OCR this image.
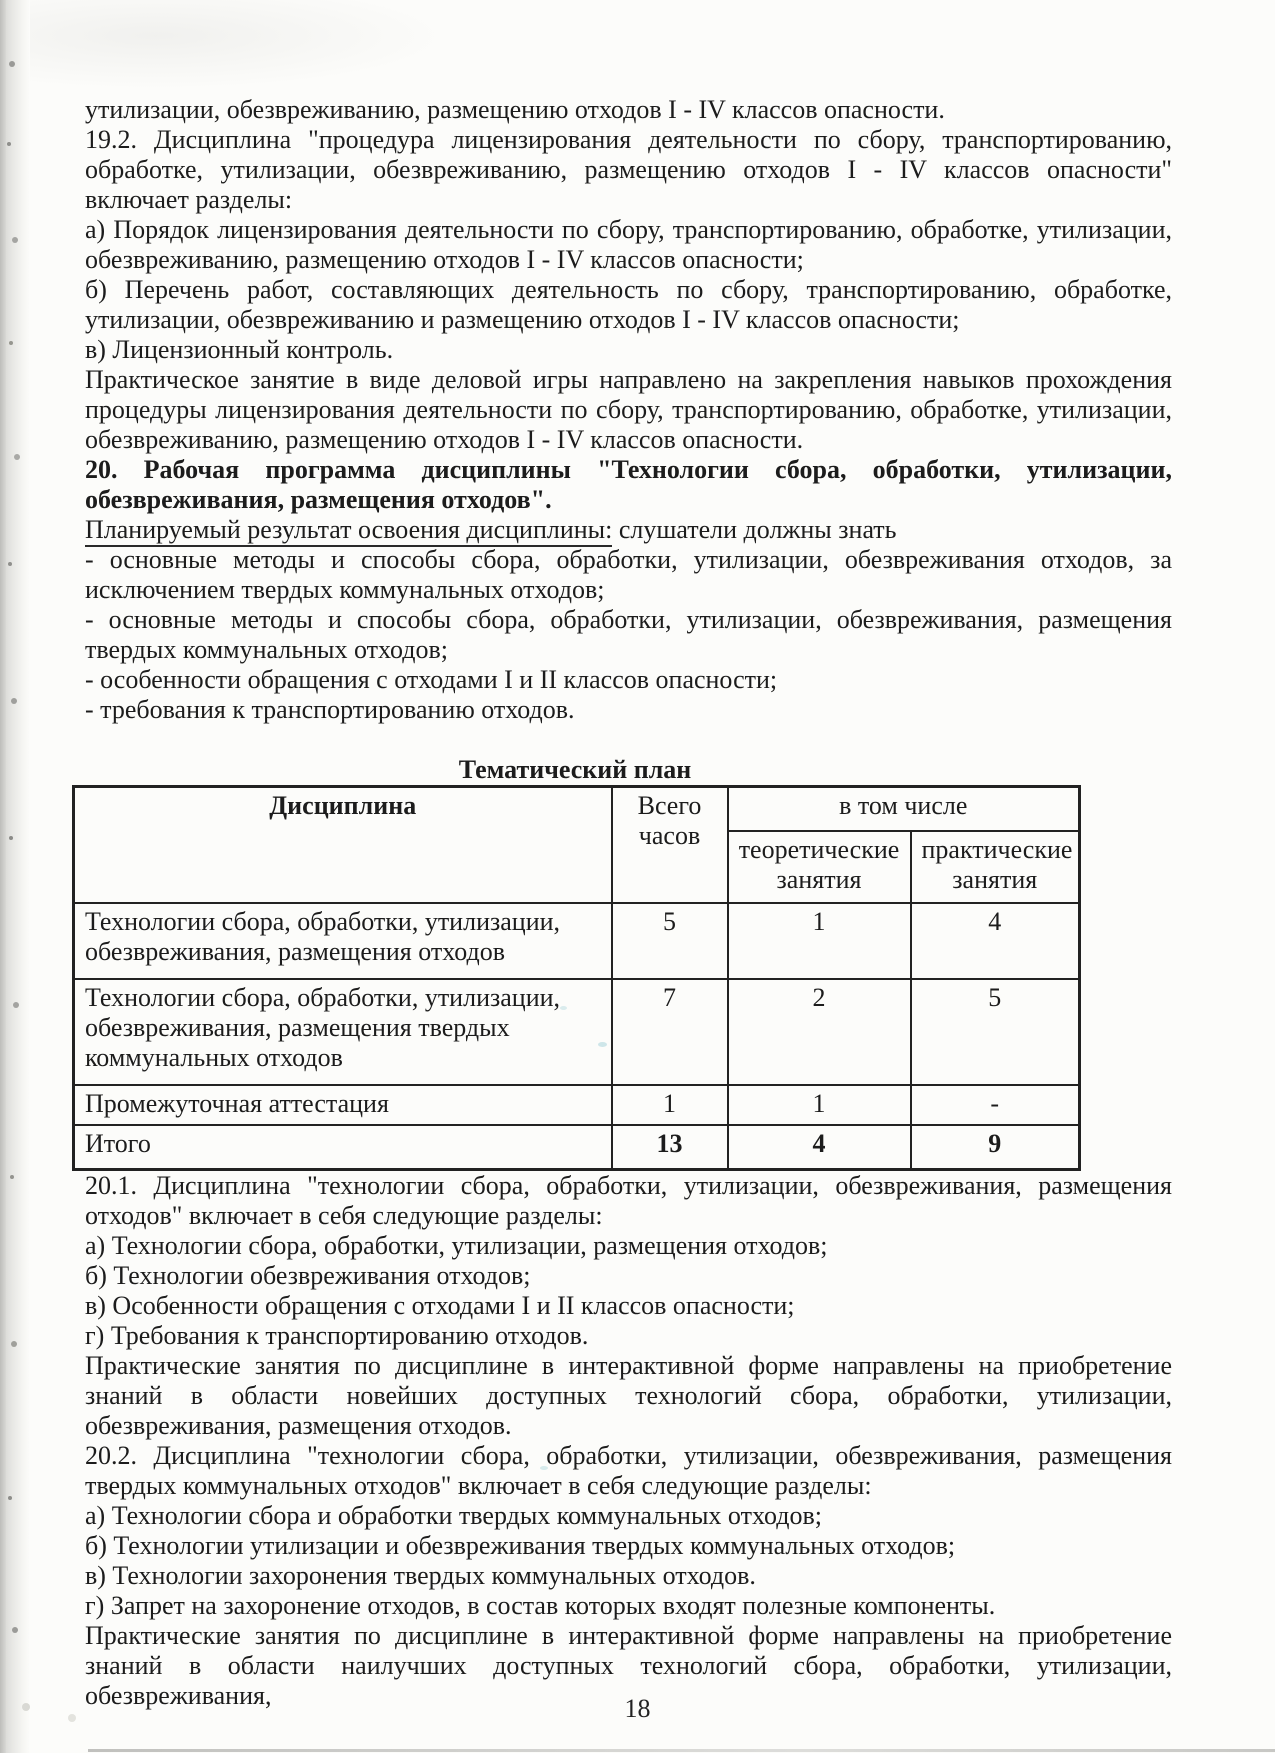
утилизации, обезвреживанию, размещению отходов I - IV классов опасности.

19.2. Дисциплина "процедура лицензирования деятельности по сбору, транспортированию, обработке, утилизации, обезвреживанию, размещению отходов I - IV классов опасности" включает разделы:

а) Порядок лицензирования деятельности по сбору, транспортированию, обработке, утилизации, обезвреживанию, размещению отходов I - IV классов опасности;

б) Перечень работ, составляющих деятельность по сбору, транспортированию, обработке, утилизации, обезвреживанию и размещению отходов I - IV классов опасности;

в) Лицензионный контроль.

Практическое занятие в виде деловой игры направлено на закрепления навыков прохождения процедуры лицензирования деятельности по сбору, транспортированию, обработке, утилизации, обезвреживанию, размещению отходов I - IV классов опасности.

20. Рабочая программа дисциплины "Технологии сбора, обработки, утилизации, обезвреживания, размещения отходов".

Планируемый результат освоения дисциплины: слушатели должны знать

- основные методы и способы сбора, обработки, утилизации, обезвреживания отходов, за исключением твердых коммунальных отходов;

- основные методы и способы сбора, обработки, утилизации, обезвреживания, размещения твердых коммунальных отходов;

- особенности обращения с отходами I и II классов опасности;

- требования к транспортированию отходов.

Тематический план
Дисциплина	Всего часов	в том числе	
		теоретические занятия	практические занятия
Технологии сбора, обработки, утилизации, обезвреживания, размещения отходов	5	1	4
Технологии сбора, обработки, утилизации, обезвреживания, размещения твердых коммунальных отходов	7	2	5
Промежуточная аттестация	1	1	-
Итого	13	4	9

20.1. Дисциплина "технологии сбора, обработки, утилизации, обезвреживания, размещения отходов" включает в себя следующие разделы:

а) Технологии сбора, обработки, утилизации, размещения отходов;

б) Технологии обезвреживания отходов;

в) Особенности обращения с отходами I и II классов опасности;

г) Требования к транспортированию отходов.

Практические занятия по дисциплине в интерактивной форме направлены на приобретение знаний в области новейших доступных технологий сбора, обработки, утилизации, обезвреживания, размещения отходов.

20.2. Дисциплина "технологии сбора, обработки, утилизации, обезвреживания, размещения твердых коммунальных отходов" включает в себя следующие разделы:

а) Технологии сбора и обработки твердых коммунальных отходов;

б) Технологии утилизации и обезвреживания твердых коммунальных отходов;

в) Технологии захоронения твердых коммунальных отходов.

г) Запрет на захоронение отходов, в состав которых входят полезные компоненты.

Практические занятия по дисциплине в интерактивной форме направлены на приобретение знаний в области наилучших доступных технологий сбора, обработки, утилизации, обезвреживания,	18
